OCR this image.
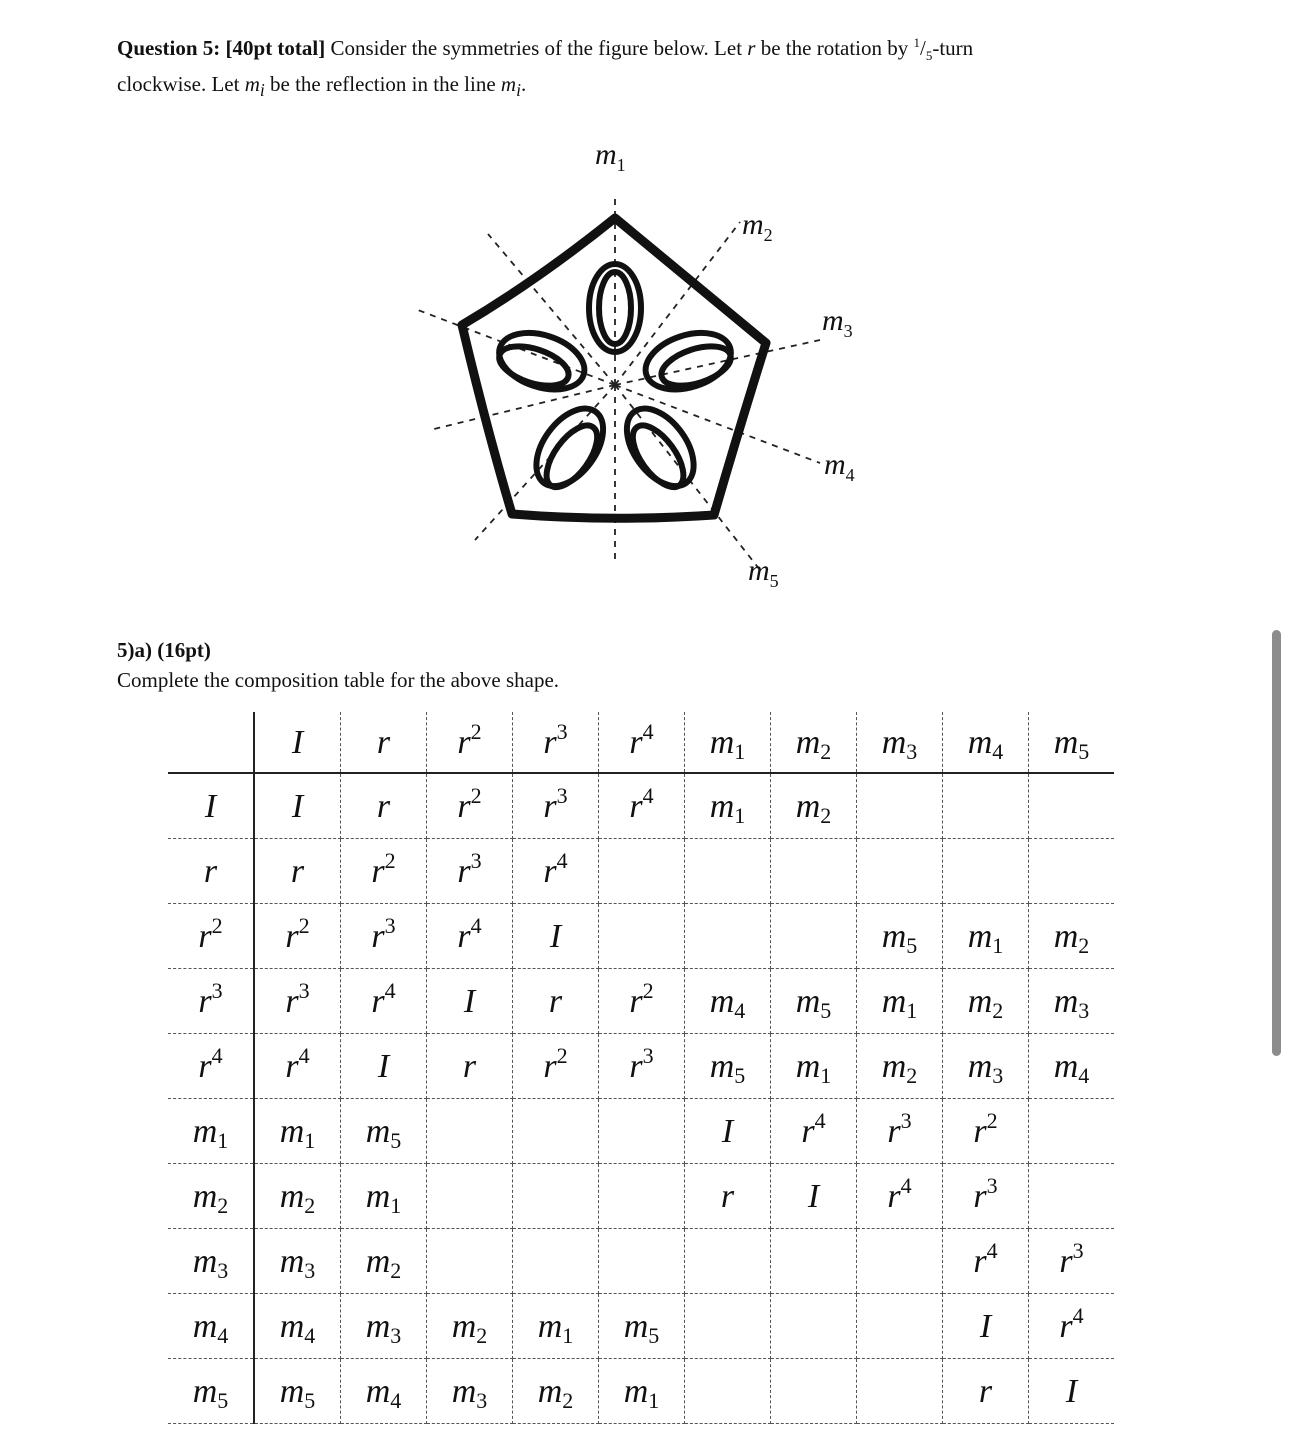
Question 5: [40pt total] Consider the symmetries of the figure below. Let r be the rotation by $^1/_5$-turn
clockwise. Let $m_i$ be the reflection in the line $m_i$.
$m_1$
$m_2$
$m_3$
$m_4$
$m_5$
5)a) (16pt)
Complete the composition table for the above shape.
	I	r	$r^2$	$r^3$	$r^4$	$m_1$	$m_2$	$m_3$	$m_4$	$m_5$
I	I	r	$r^2$	$r^3$	$r^4$	$m_1$	$m_2$			
r	r	$r^2$	$r^3$	$r^4$						
$r^2$	$r^2$	$r^3$	$r^4$	I				$m_5$	$m_1$	$m_2$
$r^3$	$r^3$	$r^4$	I	r	$r^2$	$m_4$	$m_5$	$m_1$	$m_2$	$m_3$
$r^4$	$r^4$	I	r	$r^2$	$r^3$	$m_5$	$m_1$	$m_2$	$m_3$	$m_4$
$m_1$	$m_1$	$m_5$				I	$r^4$	$r^3$	$r^2$	
$m_2$	$m_2$	$m_1$				r	I	$r^4$	$r^3$	
$m_3$	$m_3$	$m_2$							$r^4$	$r^3$
$m_4$	$m_4$	$m_3$	$m_2$	$m_1$	$m_5$				I	$r^4$
$m_5$	$m_5$	$m_4$	$m_3$	$m_2$	$m_1$				r	I
